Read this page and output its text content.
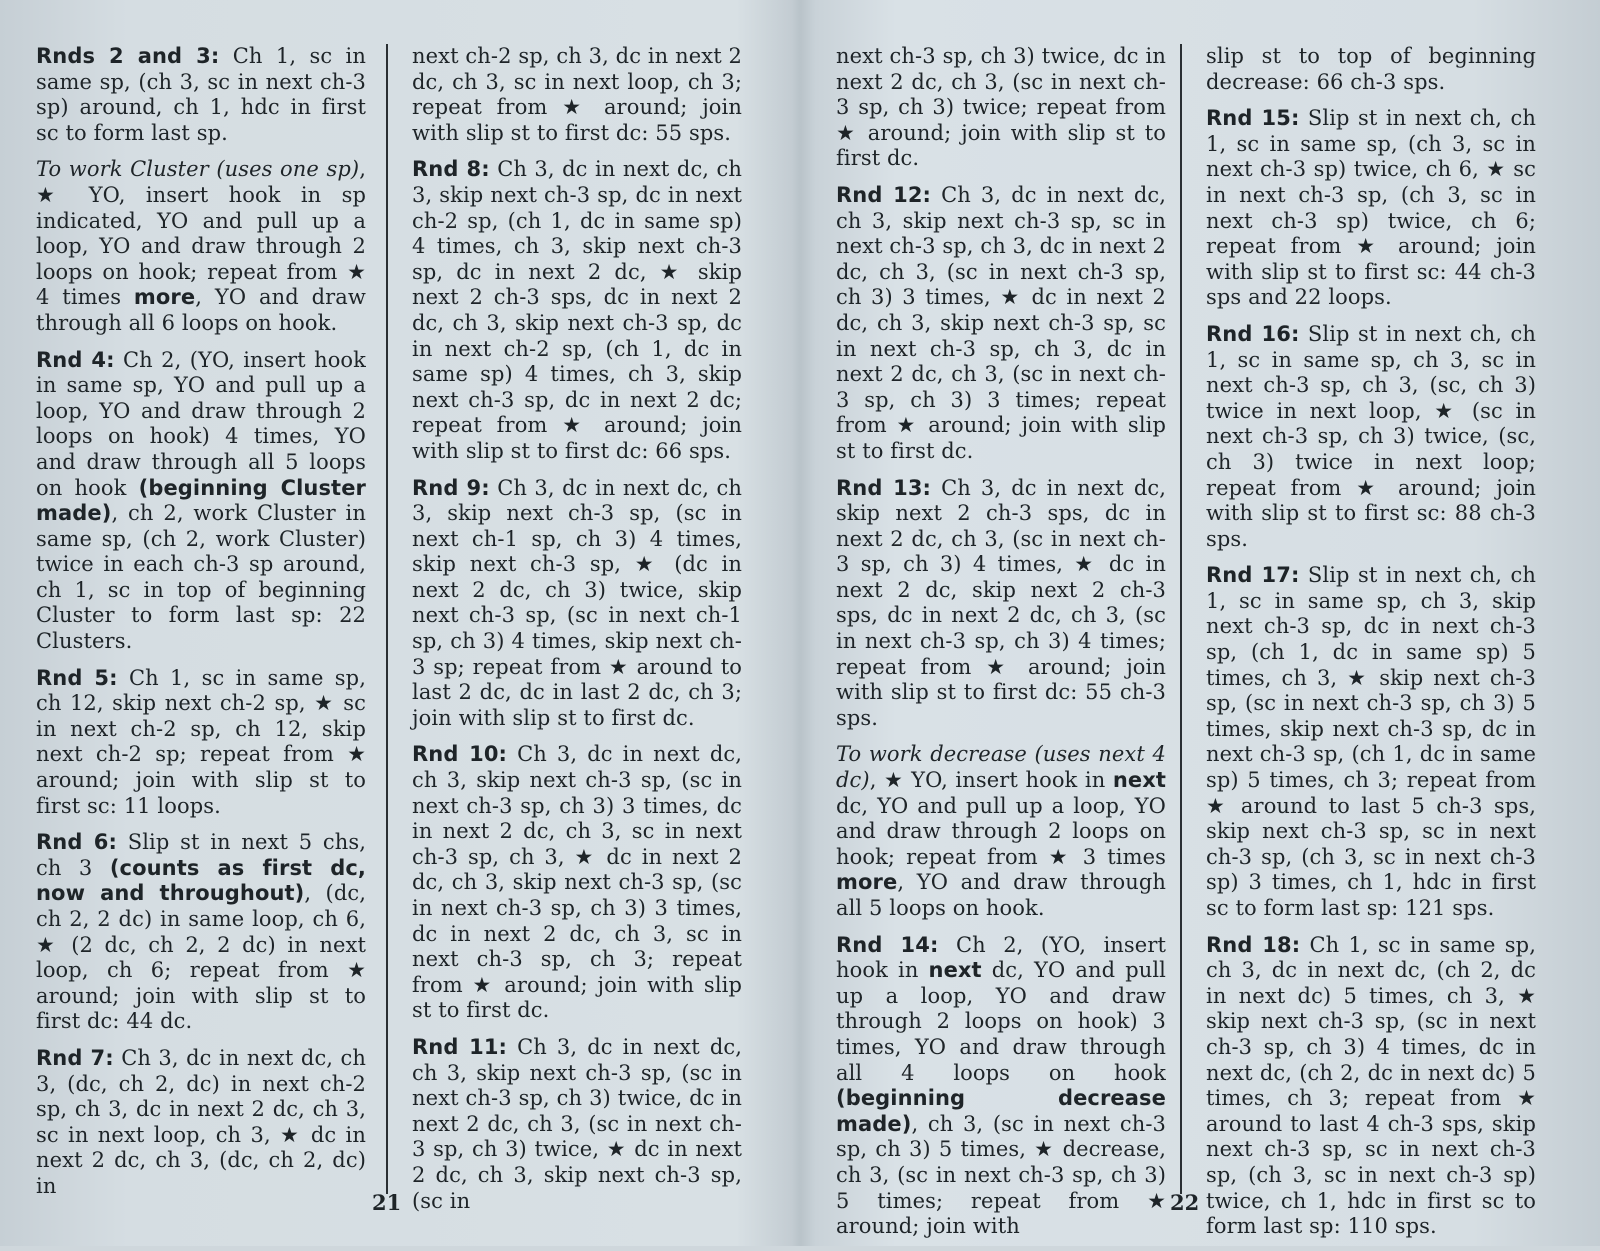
Rnds 2 and 3: Ch 1, sc in same sp, (ch 3, sc in next ch-3 sp) around, ch 1, hdc in first sc to form last sp.

To work Cluster (uses one sp), ★ YO, insert hook in sp indicated, YO and pull up a loop, YO and draw through 2 loops on hook; repeat from ★ 4 times more, YO and draw through all 6 loops on hook.

Rnd 4: Ch 2, (YO, insert hook in same sp, YO and pull up a loop, YO and draw through 2 loops on hook) 4 times, YO and draw through all 5 loops on hook (beginning Cluster made), ch 2, work Cluster in same sp, (ch 2, work Cluster) twice in each ch-3 sp around, ch 1, sc in top of beginning Cluster to form last sp: 22 Clusters.

Rnd 5: Ch 1, sc in same sp, ch 12, skip next ch-2 sp, ★ sc in next ch-2 sp, ch 12, skip next ch-2 sp; repeat from ★ around; join with slip st to first sc: 11 loops.

Rnd 6: Slip st in next 5 chs, ch 3 (counts as first dc, now and throughout), (dc, ch 2, 2 dc) in same loop, ch 6, ★ (2 dc, ch 2, 2 dc) in next loop, ch 6; repeat from ★ around; join with slip st to first dc: 44 dc.

Rnd 7: Ch 3, dc in next dc, ch 3, (dc, ch 2, dc) in next ch-2 sp, ch 3, dc in next 2 dc, ch 3, sc in next loop, ch 3, ★ dc in next 2 dc, ch 3, (dc, ch 2, dc) in

next ch-2 sp, ch 3, dc in next 2 dc, ch 3, sc in next loop, ch 3; repeat from ★ around; join with slip st to first dc: 55 sps.

Rnd 8: Ch 3, dc in next dc, ch 3, skip next ch-3 sp, dc in next ch-2 sp, (ch 1, dc in same sp) 4 times, ch 3, skip next ch-3 sp, dc in next 2 dc, ★ skip next 2 ch-3 sps, dc in next 2 dc, ch 3, skip next ch-3 sp, dc in next ch-2 sp, (ch 1, dc in same sp) 4 times, ch 3, skip next ch-3 sp, dc in next 2 dc; repeat from ★ around; join with slip st to first dc: 66 sps.

Rnd 9: Ch 3, dc in next dc, ch 3, skip next ch-3 sp, (sc in next ch-1 sp, ch 3) 4 times, skip next ch-3 sp, ★ (dc in next 2 dc, ch 3) twice, skip next ch-3 sp, (sc in next ch-1 sp, ch 3) 4 times, skip next ch-3 sp; repeat from ★ around to last 2 dc, dc in last 2 dc, ch 3; join with slip st to first dc.

Rnd 10: Ch 3, dc in next dc, ch 3, skip next ch-3 sp, (sc in next ch-3 sp, ch 3) 3 times, dc in next 2 dc, ch 3, sc in next ch-3 sp, ch 3, ★ dc in next 2 dc, ch 3, skip next ch-3 sp, (sc in next ch-3 sp, ch 3) 3 times, dc in next 2 dc, ch 3, sc in next ch-3 sp, ch 3; repeat from ★ around; join with slip st to first dc.

Rnd 11: Ch 3, dc in next dc, ch 3, skip next ch-3 sp, (sc in next ch-3 sp, ch 3) twice, dc in next 2 dc, ch 3, (sc in next ch-3 sp, ch 3) twice, ★ dc in next 2 dc, ch 3, skip next ch-3 sp, (sc in

21

next ch-3 sp, ch 3) twice, dc in next 2 dc, ch 3, (sc in next ch-3 sp, ch 3) twice; repeat from ★ around; join with slip st to first dc.

Rnd 12: Ch 3, dc in next dc, ch 3, skip next ch-3 sp, sc in next ch-3 sp, ch 3, dc in next 2 dc, ch 3, (sc in next ch-3 sp, ch 3) 3 times, ★ dc in next 2 dc, ch 3, skip next ch-3 sp, sc in next ch-3 sp, ch 3, dc in next 2 dc, ch 3, (sc in next ch-3 sp, ch 3) 3 times; repeat from ★ around; join with slip st to first dc.

Rnd 13: Ch 3, dc in next dc, skip next 2 ch-3 sps, dc in next 2 dc, ch 3, (sc in next ch-3 sp, ch 3) 4 times, ★ dc in next 2 dc, skip next 2 ch-3 sps, dc in next 2 dc, ch 3, (sc in next ch-3 sp, ch 3) 4 times; repeat from ★ around; join with slip st to first dc: 55 ch-3 sps.

To work decrease (uses next 4 dc), ★ YO, insert hook in next dc, YO and pull up a loop, YO and draw through 2 loops on hook; repeat from ★ 3 times more, YO and draw through all 5 loops on hook.

Rnd 14: Ch 2, (YO, insert hook in next dc, YO and pull up a loop, YO and draw through 2 loops on hook) 3 times, YO and draw through all 4 loops on hook (beginning decrease made), ch 3, (sc in next ch-3 sp, ch 3) 5 times, ★ decrease, ch 3, (sc in next ch-3 sp, ch 3) 5 times; repeat from ★ around; join with

slip st to top of beginning decrease: 66 ch-3 sps.

Rnd 15: Slip st in next ch, ch 1, sc in same sp, (ch 3, sc in next ch-3 sp) twice, ch 6, ★ sc in next ch-3 sp, (ch 3, sc in next ch-3 sp) twice, ch 6; repeat from ★ around; join with slip st to first sc: 44 ch-3 sps and 22 loops.

Rnd 16: Slip st in next ch, ch 1, sc in same sp, ch 3, sc in next ch-3 sp, ch 3, (sc, ch 3) twice in next loop, ★ (sc in next ch-3 sp, ch 3) twice, (sc, ch 3) twice in next loop; repeat from ★ around; join with slip st to first sc: 88 ch-3 sps.

Rnd 17: Slip st in next ch, ch 1, sc in same sp, ch 3, skip next ch-3 sp, dc in next ch-3 sp, (ch 1, dc in same sp) 5 times, ch 3, ★ skip next ch-3 sp, (sc in next ch-3 sp, ch 3) 5 times, skip next ch-3 sp, dc in next ch-3 sp, (ch 1, dc in same sp) 5 times, ch 3; repeat from ★ around to last 5 ch-3 sps, skip next ch-3 sp, sc in next ch-3 sp, (ch 3, sc in next ch-3 sp) 3 times, ch 1, hdc in first sc to form last sp: 121 sps.

Rnd 18: Ch 1, sc in same sp, ch 3, dc in next dc, (ch 2, dc in next dc) 5 times, ch 3, ★ skip next ch-3 sp, (sc in next ch-3 sp, ch 3) 4 times, dc in next dc, (ch 2, dc in next dc) 5 times, ch 3; repeat from ★ around to last 4 ch-3 sps, skip next ch-3 sp, sc in next ch-3 sp, (ch 3, sc in next ch-3 sp) twice, ch 1, hdc in first sc to form last sp: 110 sps.

22
